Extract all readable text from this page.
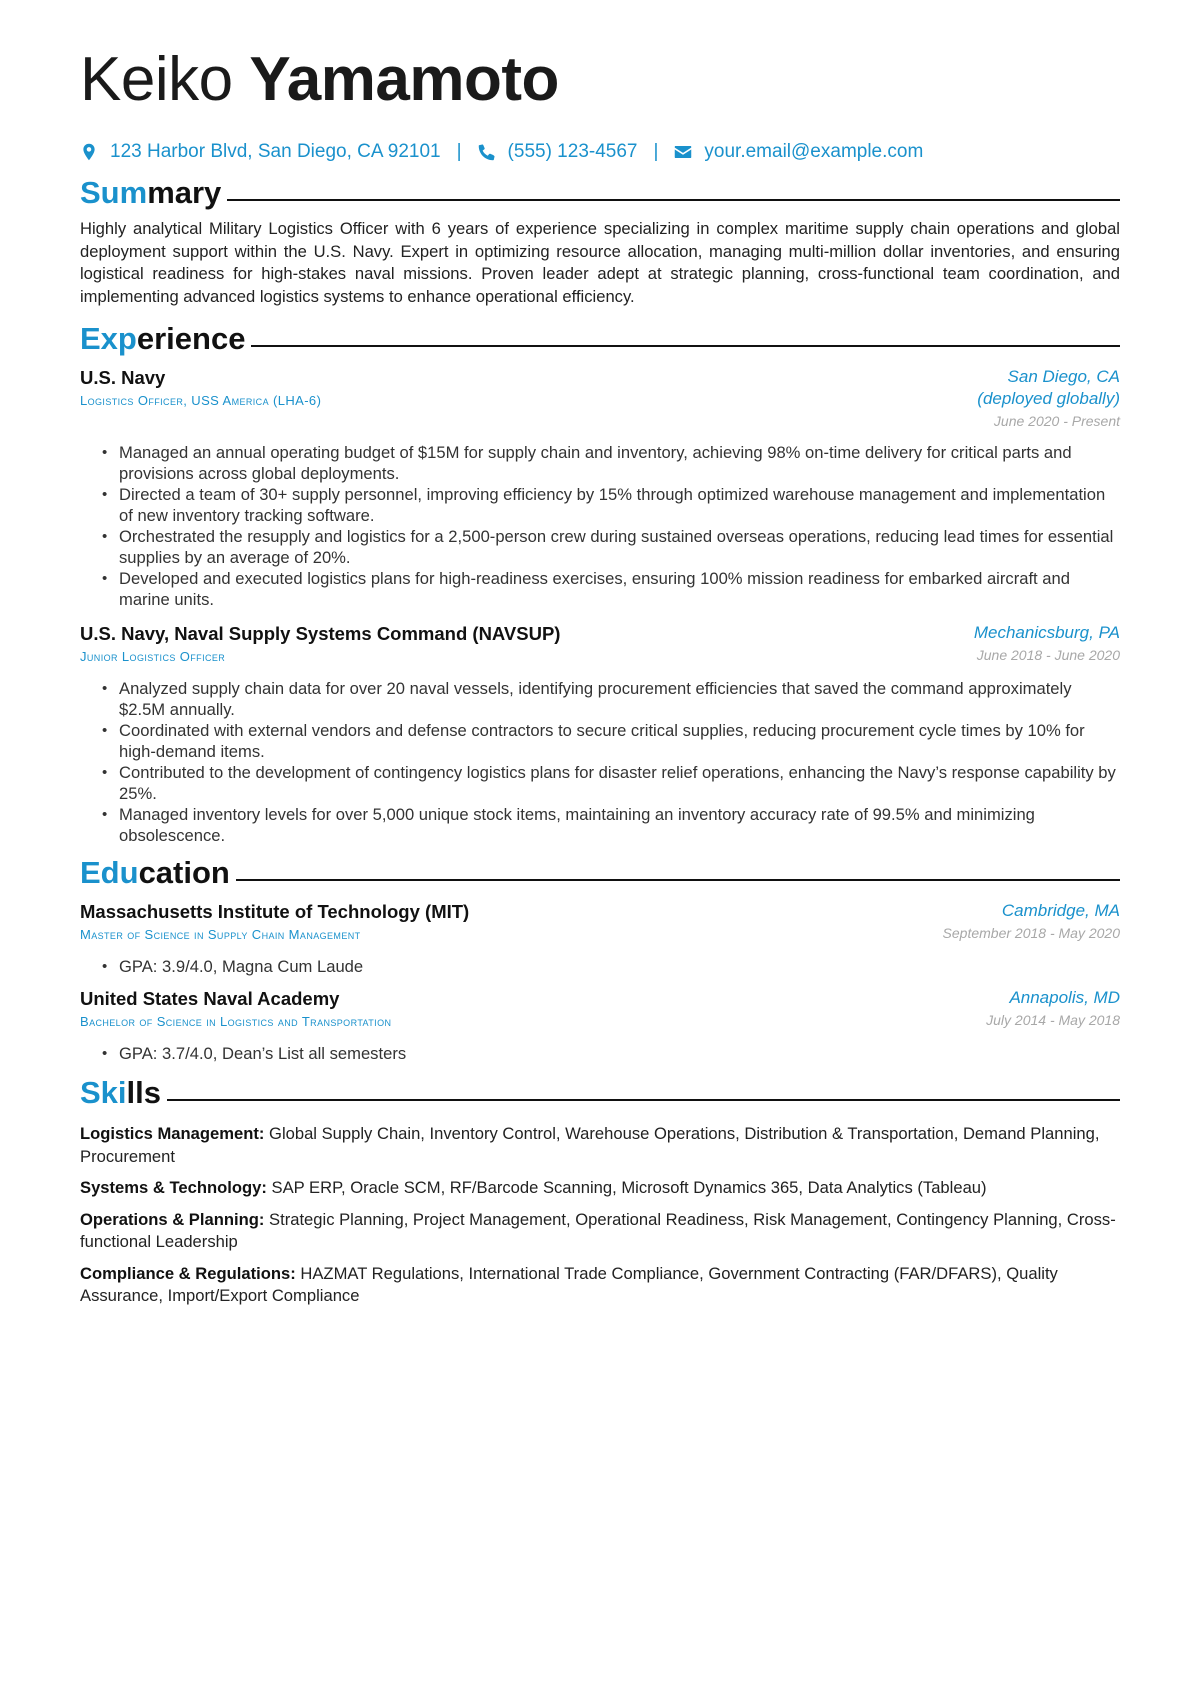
Keiko Yamamoto
123 Harbor Blvd, San Diego, CA 92101 | (555) 123-4567 | your.email@example.com
Summary

Highly analytical Military Logistics Officer with 6 years of experience specializing in complex maritime supply chain operations and global deployment support within the U.S. Navy. Expert in optimizing resource allocation, managing multi-million dollar inventories, and ensuring logistical readiness for high-stakes naval missions. Proven leader adept at strategic planning, cross-functional team coordination, and implementing advanced logistics systems to enhance operational efficiency.

Experience
U.S. Navy
Logistics Officer, USS America (LHA-6)
San Diego, CA (deployed globally)
June 2020 - Present
• Managed an annual operating budget of $15M for supply chain and inventory, achieving 98% on-time delivery for critical parts and provisions across global deployments.
• Directed a team of 30+ supply personnel, improving efficiency by 15% through optimized warehouse management and implementation of new inventory tracking software.
• Orchestrated the resupply and logistics for a 2,500-person crew during sustained overseas operations, reducing lead times for essential supplies by an average of 20%.
• Developed and executed logistics plans for high-readiness exercises, ensuring 100% mission readiness for embarked aircraft and marine units.
U.S. Navy, Naval Supply Systems Command (NAVSUP)
Junior Logistics Officer
Mechanicsburg, PA
June 2018 - June 2020
• Analyzed supply chain data for over 20 naval vessels, identifying procurement efficiencies that saved the command approximately $2.5M annually.
• Coordinated with external vendors and defense contractors to secure critical supplies, reducing procurement cycle times by 10% for high-demand items.
• Contributed to the development of contingency logistics plans for disaster relief operations, enhancing the Navy’s response capability by 25%.
• Managed inventory levels for over 5,000 unique stock items, maintaining an inventory accuracy rate of 99.5% and minimizing obsolescence.
Education
Massachusetts Institute of Technology (MIT)
Master of Science in Supply Chain Management
Cambridge, MA
September 2018 - May 2020
• GPA: 3.9/4.0, Magna Cum Laude
United States Naval Academy
Bachelor of Science in Logistics and Transportation
Annapolis, MD
July 2014 - May 2018
• GPA: 3.7/4.0, Dean’s List all semesters
Skills

Logistics Management: Global Supply Chain, Inventory Control, Warehouse Operations, Distribution & Transportation, Demand Planning, Procurement

Systems & Technology: SAP ERP, Oracle SCM, RF/Barcode Scanning, Microsoft Dynamics 365, Data Analytics (Tableau)

Operations & Planning: Strategic Planning, Project Management, Operational Readiness, Risk Management, Contingency Planning, Cross-functional Leadership

Compliance & Regulations: HAZMAT Regulations, International Trade Compliance, Government Contracting (FAR/DFARS), Quality Assurance, Import/Export Compliance
